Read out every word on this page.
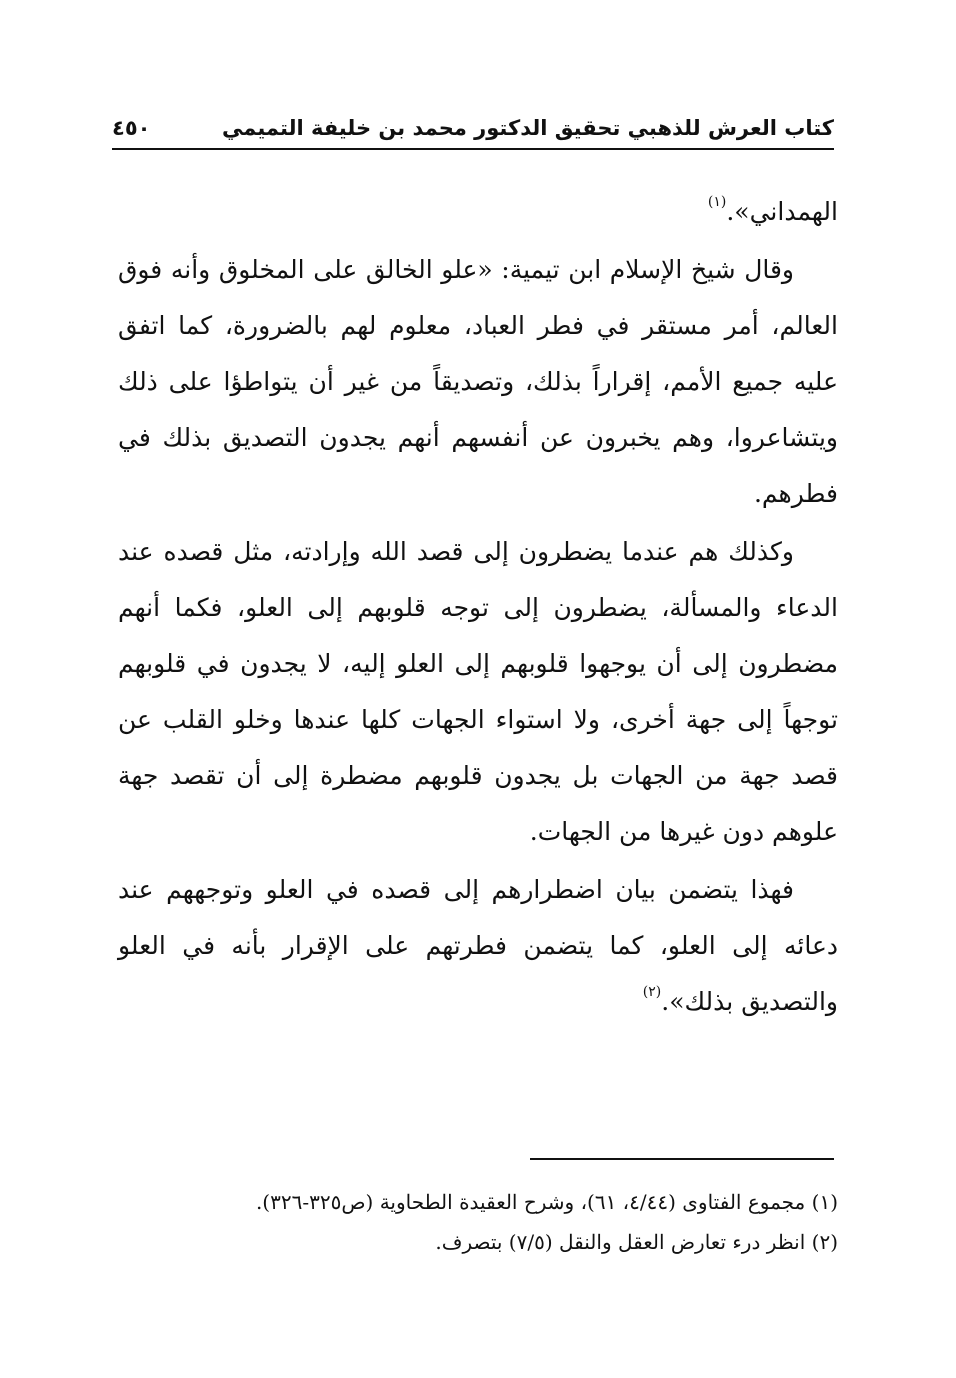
كتاب العرش للذهبي تحقيق الدكتور محمد بن خليفة التميمي
٤٥٠

الهمداني».$^{(١)}$

وقال شيخ الإسلام ابن تيمية: «علو الخالق على المخلوق وأنه فوق العالم، أمر مستقر في فطر العباد، معلوم لهم بالضرورة، كما اتفق عليه جميع الأمم، إقراراً بذلك، وتصديقاً من غير أن يتواطؤا على ذلك ويتشاعروا، وهم يخبرون عن أنفسهم أنهم يجدون التصديق بذلك في فطرهم.

وكذلك هم عندما يضطرون إلى قصد الله وإرادته، مثل قصده عند الدعاء والمسألة، يضطرون إلى توجه قلوبهم إلى العلو، فكما أنهم مضطرون إلى أن يوجهوا قلوبهم إلى العلو إليه، لا يجدون في قلوبهم توجهاً إلى جهة أخرى، ولا استواء الجهات كلها عندها وخلو القلب عن قصد جهة من الجهات بل يجدون قلوبهم مضطرة إلى أن تقصد جهة علوهم دون غيرها من الجهات.

فهذا يتضمن بيان اضطرارهم إلى قصده في العلو وتوجههم عند دعائه إلى العلو، كما يتضمن فطرتهم على الإقرار بأنه في العلو والتصديق بذلك».$^{(٢)}$

(١) مجموع الفتاوى (٤/٤٤، ٦١)، وشرح العقيدة الطحاوية (ص٣٢٥-٣٢٦).

(٢) انظر درء تعارض العقل والنقل (٧/٥) بتصرف.
